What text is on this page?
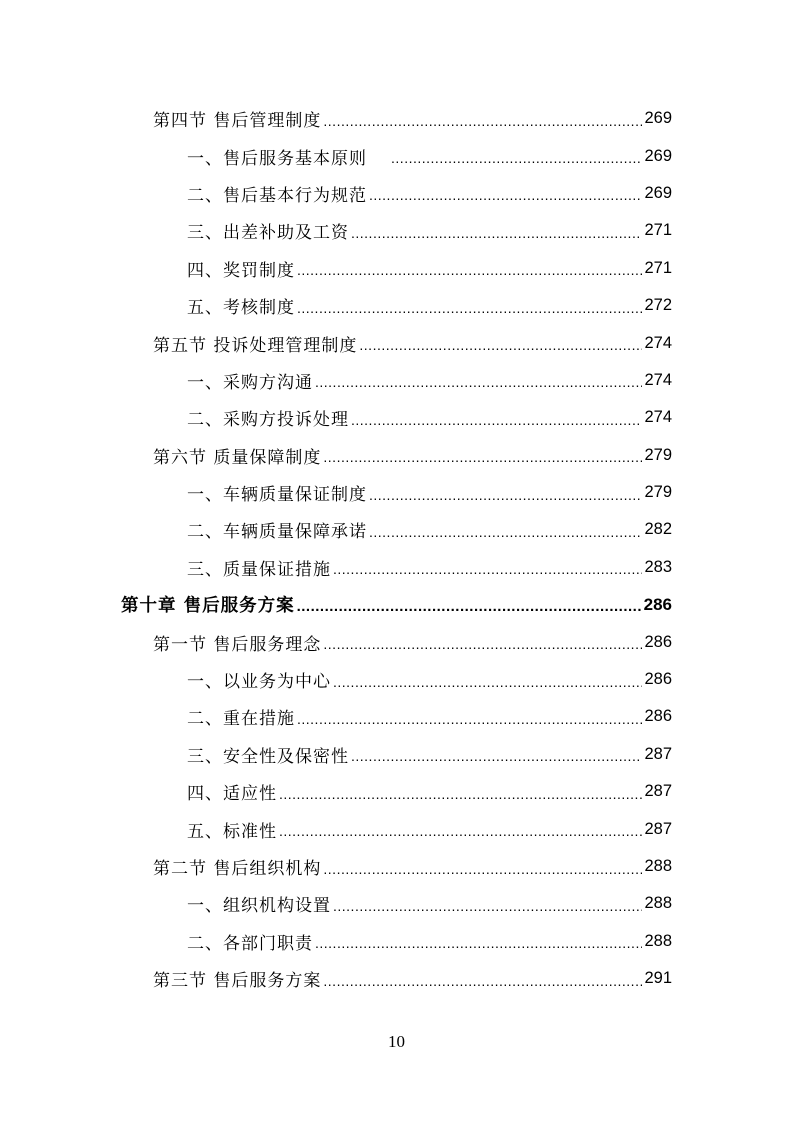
第四节 售后管理制度 .....	269
一、售后服务基本原则 .....	269
二、售后基本行为规范 .....	269
三、出差补助及工资 .....	271
四、奖罚制度 .....	271
五、考核制度 .....	272
第五节 投诉处理管理制度 .....	274
一、采购方沟通 .....	274
二、采购方投诉处理 .....	274
第六节 质量保障制度 .....	279
一、车辆质量保证制度 .....	279
二、车辆质量保障承诺 .....	282
三、质量保证措施 .....	283
第十章 售后服务方案 .....	286
第一节 售后服务理念 .....	286
一、以业务为中心 .....	286
二、重在措施 .....	286
三、安全性及保密性 .....	287
四、适应性 .....	287
五、标准性 .....	287
第二节 售后组织机构 .....	288
一、组织机构设置 .....	288
二、各部门职责 .....	288
第三节 售后服务方案 .....	291
10
